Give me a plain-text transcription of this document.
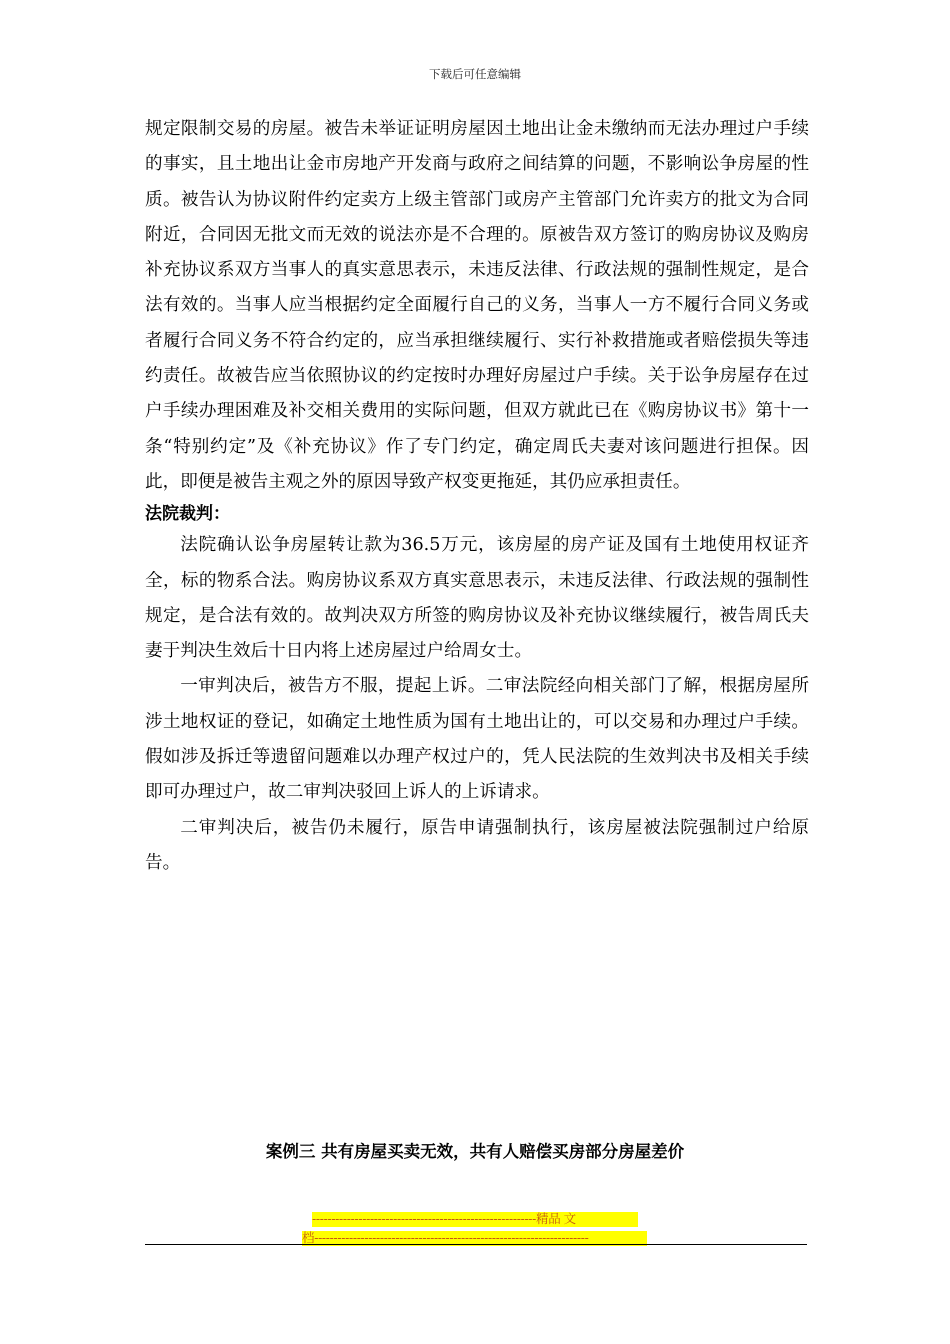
下载后可任意编辑

规定限制交易的房屋。被告未举证证明房屋因土地出让金未缴纳而无法办理过户手续的事实，且土地出让金市房地产开发商与政府之间结算的问题，不影响讼争房屋的性质。被告认为协议附件约定卖方上级主管部门或房产主管部门允许卖方的批文为合同附近，合同因无批文而无效的说法亦是不合理的。原被告双方签订的购房协议及购房补充协议系双方当事人的真实意思表示，未违反法律、行政法规的强制性规定，是合法有效的。当事人应当根据约定全面履行自己的义务，当事人一方不履行合同义务或者履行合同义务不符合约定的，应当承担继续履行、实行补救措施或者赔偿损失等违约责任。故被告应当依照协议的约定按时办理好房屋过户手续。关于讼争房屋存在过户手续办理困难及补交相关费用的实际问题，但双方就此已在《购房协议书》第十一条“特别约定”及《补充协议》作了专门约定，确定周氏夫妻对该问题进行担保。因此，即便是被告主观之外的原因导致产权变更拖延，其仍应承担责任。

法院裁判：

法院确认讼争房屋转让款为36.5万元，该房屋的房产证及国有土地使用权证齐全，标的物系合法。购房协议系双方真实意思表示，未违反法律、行政法规的强制性规定，是合法有效的。故判决双方所签的购房协议及补充协议继续履行，被告周氏夫妻于判决生效后十日内将上述房屋过户给周女士。

一审判决后，被告方不服，提起上诉。二审法院经向相关部门了解，根据房屋所涉土地权证的登记，如确定土地性质为国有土地出让的，可以交易和办理过户手续。假如涉及拆迁等遗留问题难以办理产权过户的，凭人民法院的生效判决书及相关手续即可办理过户，故二审判决驳回上诉人的上诉请求。

二审判决后，被告仍未履行，原告申请强制执行，该房屋被法院强制过户给原告。

案例三 共有房屋买卖无效，共有人赔偿买房部分房屋差价
----------------------------------------------------------精品 文
档-----------------------------------------------------------------------
